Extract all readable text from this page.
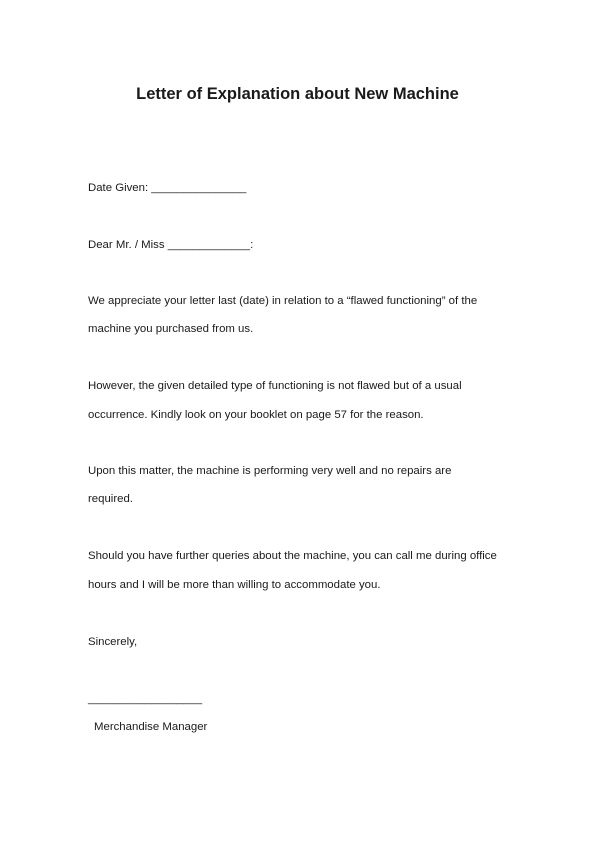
Letter of Explanation about New Machine
Date Given: _______________
Dear Mr. / Miss _____________:
We appreciate your letter last (date) in relation to a “flawed functioning” of the
machine you purchased from us.
However, the given detailed type of functioning is not flawed but of a usual
occurrence. Kindly look on your booklet on page 57 for the reason.
Upon this matter, the machine is performing very well and no repairs are
required.
Should you have further queries about the machine, you can call me during office
hours and I will be more than willing to accommodate you.
Sincerely,
__________________
Merchandise Manager
